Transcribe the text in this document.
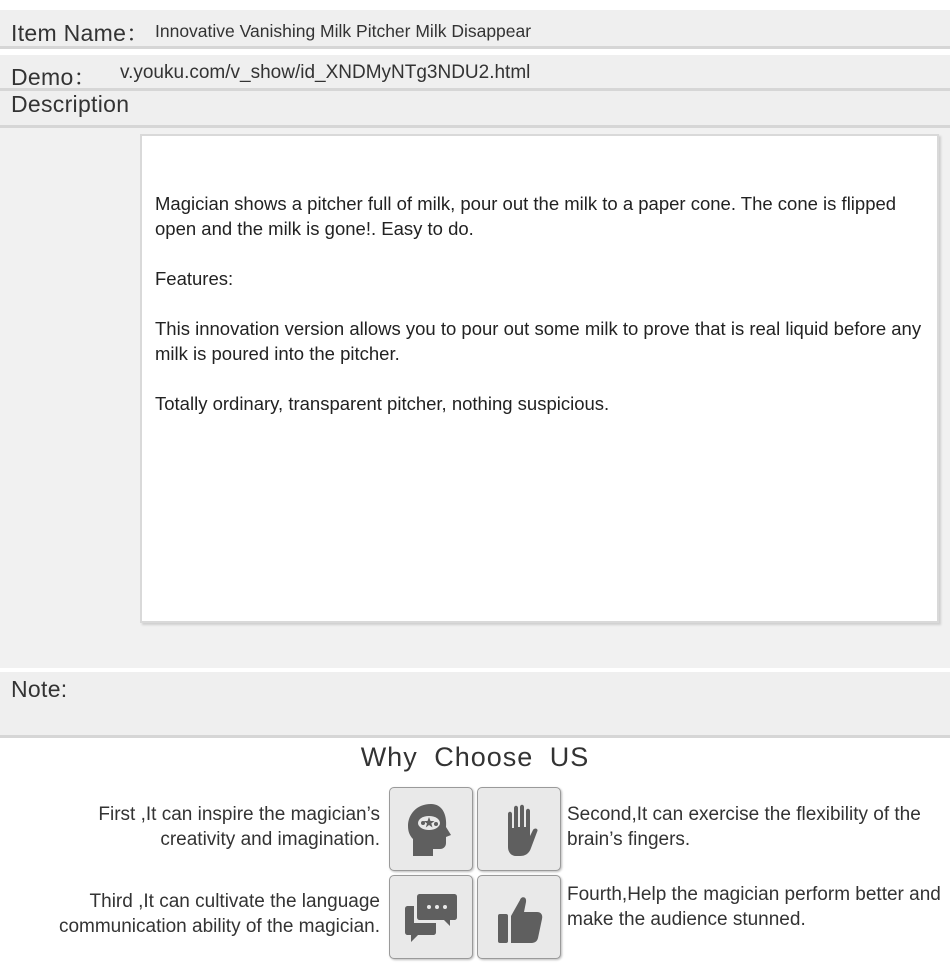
Item Name： Innovative Vanishing Milk Pitcher Milk Disappear
Demo： v.youku.com/v_show/id_XNDMyNTg3NDU2.html
Description
Magician shows a pitcher full of milk, pour out the milk to a paper cone. The cone is flipped open and the milk is gone!. Easy to do.
Features:
This innovation version allows you to pour out some milk to prove that is real liquid before any milk is poured into the pitcher.
Totally ordinary, transparent pitcher, nothing suspicious.
Note:
Why Choose US
First ,It can inspire the magician’s creativity and imagination.
Second,It can exercise the flexibility of the brain’s fingers.
Third ,It can cultivate the language communication ability of the magician.
Fourth,Help the magician perform better and make the audience stunned.
